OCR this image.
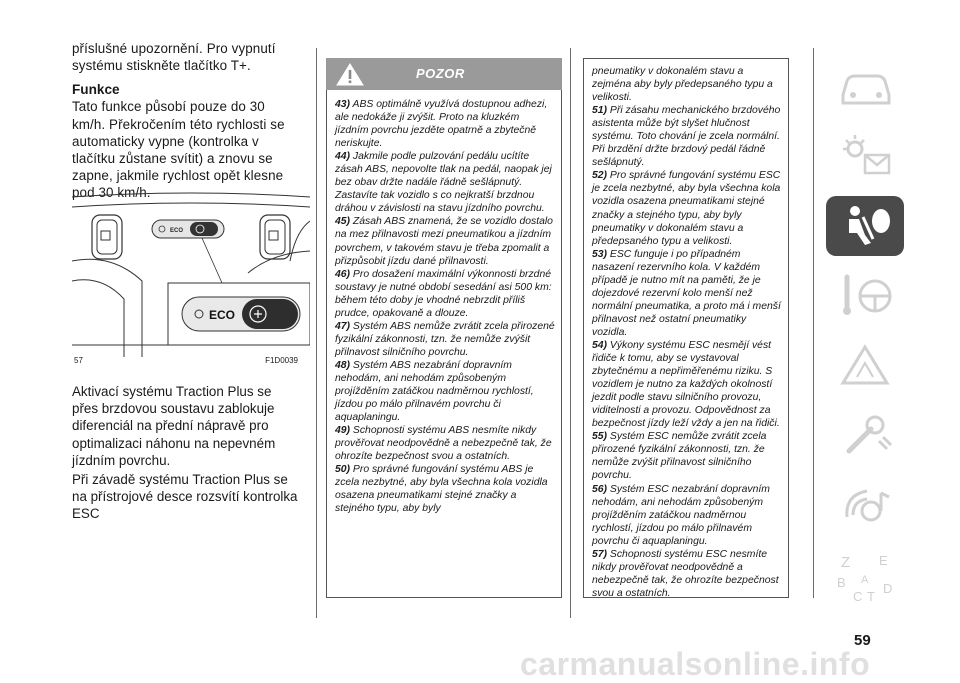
příslušné upozornění. Pro vypnutí systému stiskněte tlačítko T+.

Funkce

Tato funkce působí pouze do 30 km/h. Překročením této rychlosti se automaticky vypne (kontrolka v tlačítku zůstane svítit) a znovu se zapne, jakmile rychlost opět klesne pod 30 km/h.

ECO
ECO
57	F1D0039

Aktivací systému Traction Plus se přes brzdovou soustavu zablokuje diferenciál na přední nápravě pro optimalizaci náhonu na nepevném jízdním povrchu.

Při závadě systému Traction Plus se na přístrojové desce rozsvítí kontrolka ESC

POZOR
43) ABS optimálně využívá dostupnou adhezi, ale nedokáže ji zvýšit. Proto na kluzkém jízdním povrchu jezděte opatrně a zbytečně neriskujte.
44) Jakmile podle pulzování pedálu ucítíte zásah ABS, nepovolte tlak na pedál, naopak jej bez obav držte nadále řádně sešlápnutý. Zastavíte tak vozidlo s co nejkratší brzdnou dráhou v závislosti na stavu jízdního povrchu.
45) Zásah ABS znamená, že se vozidlo dostalo na mez přilnavosti mezi pneumatikou a jízdním povrchem, v takovém stavu je třeba zpomalit a přizpůsobit jízdu dané přilnavosti.
46) Pro dosažení maximální výkonnosti brzdné soustavy je nutné období sesedání asi 500 km: během této doby je vhodné nebrzdit příliš prudce, opakovaně a dlouze.
47) Systém ABS nemůže zvrátit zcela přirozené fyzikální zákonnosti, tzn. že nemůže zvýšit přilnavost silničního povrchu.
48) Systém ABS nezabrání dopravním nehodám, ani nehodám způsobeným projížděním zatáčkou nadměrnou rychlostí, jízdou po málo přilnavém povrchu či aquaplaningu.
49) Schopnosti systému ABS nesmíte nikdy prověřovat neodpovědně a nebezpečně tak, že ohrozíte bezpečnost svou a ostatních.
50) Pro správné fungování systému ABS je zcela nezbytné, aby byla všechna kola vozidla osazena pneumatikami stejné značky a stejného typu, aby byly
pneumatiky v dokonalém stavu a zejména aby byly předepsaného typu a velikosti.
51) Při zásahu mechanického brzdového asistenta může být slyšet hlučnost systému. Toto chování je zcela normální. Při brzdění držte brzdový pedál řádně sešlápnutý.
52) Pro správné fungování systému ESC je zcela nezbytné, aby byla všechna kola vozidla osazena pneumatikami stejné značky a stejného typu, aby byly pneumatiky v dokonalém stavu a předepsaného typu a velikosti.
53) ESC funguje i po případném nasazení rezervního kola. V každém případě je nutno mít na paměti, že je dojezdové rezervní kolo menší než normální pneumatika, a proto má i menší přilnavost než ostatní pneumatiky vozidla.
54) Výkony systému ESC nesmějí vést řidiče k tomu, aby se vystavoval zbytečnému a nepřiměřenému riziku. S vozidlem je nutno za každých okolností jezdit podle stavu silničního provozu, viditelnosti a provozu. Odpovědnost za bezpečnost jízdy leží vždy a jen na řidiči.
55) Systém ESC nemůže zvrátit zcela přirozené fyzikální zákonnosti, tzn. že nemůže zvýšit přilnavost silničního povrchu.
56) Systém ESC nezabrání dopravním nehodám, ani nehodám způsobeným projížděním zatáčkou nadměrnou rychlostí, jízdou po málo přilnavém povrchu či aquaplaningu.
57) Schopnosti systému ESC nesmíte nikdy prověřovat neodpovědně a nebezpečně tak, že ohrozíte bezpečnost svou a ostatních.
Z E
B
C T
D
A
59
carmanualsonline.info
